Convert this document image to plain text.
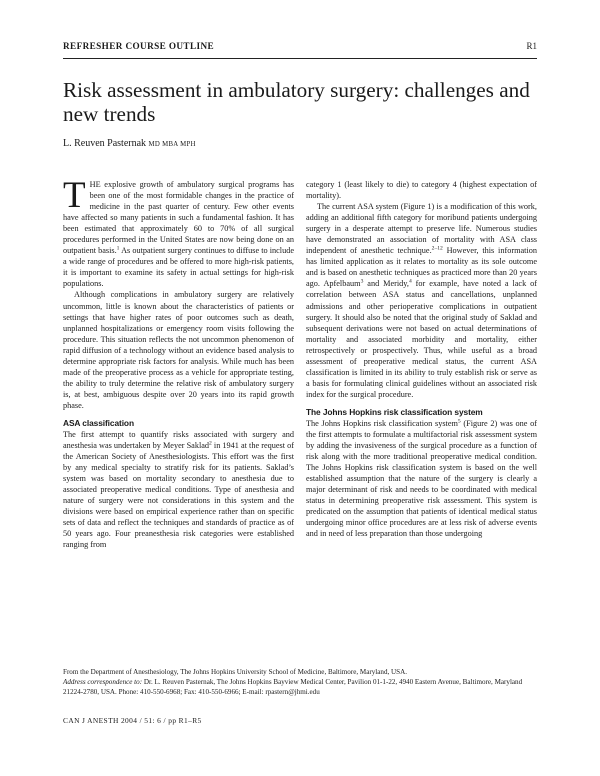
REFRESHER COURSE OUTLINE	R1
Risk assessment in ambulatory surgery: challenges and new trends
L. Reuven Pasternak MD MBA MPH

THE explosive growth of ambulatory surgical programs has been one of the most formidable changes in the practice of medicine in the past quarter of century. Few other events have affected so many patients in such a fundamental fashion. It has been estimated that approximately 60 to 70% of all surgical procedures performed in the United States are now being done on an outpatient basis.$^1$ As outpatient surgery continues to diffuse to include a wide range of procedures and be offered to more high-risk patients, it is important to examine its safety in actual settings for high-risk populations.

Although complications in ambulatory surgery are relatively uncommon, little is known about the characteristics of patients or settings that have higher rates of poor outcomes such as death, unplanned hospitalizations or emergency room visits following the procedure. This situation reflects the not uncommon phenomenon of rapid diffusion of a technology without an evidence based analysis to determine appropriate risk factors for analysis. While much has been made of the preoperative process as a vehicle for appropriate testing, the ability to truly determine the relative risk of ambulatory surgery is, at best, ambiguous despite over 20 years into its rapid growth phase.

ASA classification

The first attempt to quantify risks associated with surgery and anesthesia was undertaken by Meyer Saklad$^2$ in 1941 at the request of the American Society of Anesthesiologists. This effort was the first by any medical specialty to stratify risk for its patients. Saklad’s system was based on mortality secondary to anesthesia due to associated preoperative medical conditions. Type of anesthesia and nature of surgery were not considerations in this system and the divisions were based on empirical experience rather than on specific sets of data and reflect the techniques and standards of practice as of 50 years ago. Four preanesthesia risk categories were established ranging from

category 1 (least likely to die) to category 4 (highest expectation of mortality).

The current ASA system (Figure 1) is a modification of this work, adding an additional fifth category for moribund patients undergoing surgery in a desperate attempt to preserve life. Numerous studies have demonstrated an association of mortality with ASA class independent of anesthetic technique.$^{2-12}$ However, this information has limited application as it relates to mortality as its sole outcome and is based on anesthetic techniques as practiced more than 20 years ago. Apfelbaum$^3$ and Meridy,$^4$ for example, have noted a lack of correlation between ASA status and cancellations, unplanned admissions and other perioperative complications in outpatient surgery. It should also be noted that the original study of Saklad and subsequent derivations were not based on actual determinations of mortality and associated morbidity and mortality, either retrospectively or prospectively. Thus, while useful as a broad assessment of preoperative medical status, the current ASA classification is limited in its ability to truly establish risk or serve as a basis for formulating clinical guidelines without an associated risk index for the surgical procedure.

The Johns Hopkins risk classification system

The Johns Hopkins risk classification system$^5$ (Figure 2) was one of the first attempts to formulate a multifactorial risk assessment system by adding the invasiveness of the surgical procedure as a function of risk along with the more traditional preoperative medical condition. The Johns Hopkins risk classification system is based on the well established assumption that the nature of the surgery is clearly a major determinant of risk and needs to be coordinated with medical status in determining preoperative risk assessment. This system is predicated on the assumption that patients of identical medical status undergoing minor office procedures are at less risk of adverse events and in need of less preparation than those undergoing

From the Department of Anesthesiology, The Johns Hopkins University School of Medicine, Baltimore, Maryland, USA.

Address correspondence to: Dr. L. Reuven Pasternak, The Johns Hopkins Bayview Medical Center, Pavilion 01-1-22, 4940 Eastern Avenue, Baltimore, Maryland 21224-2780, USA. Phone: 410-550-6968; Fax: 410-550-6966; E-mail: rpastern@jhmi.edu

CAN J ANESTH 2004 / 51: 6 / pp R1–R5
